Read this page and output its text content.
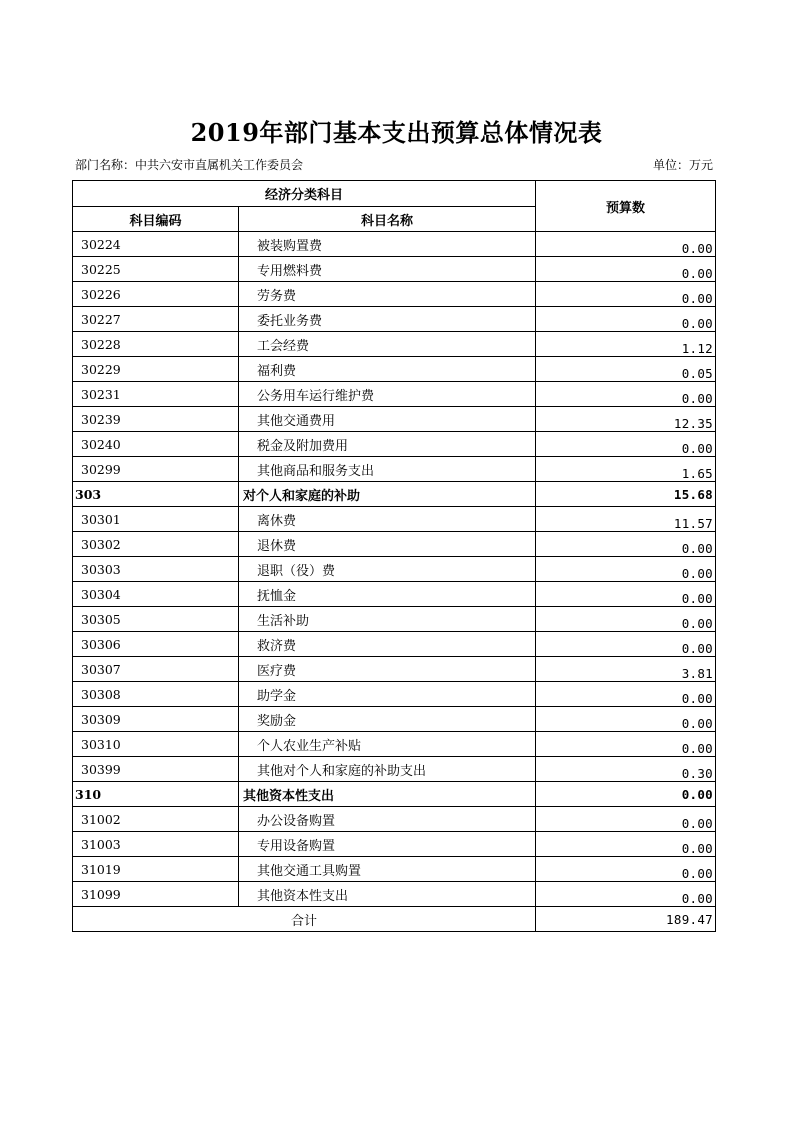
2019年部门基本支出预算总体情况表
部门名称：中共六安市直属机关工作委员会	单位：万元
经济分类科目		预算数
科目编码	科目名称	
30224	被装购置费	0.00
30225	专用燃料费	0.00
30226	劳务费	0.00
30227	委托业务费	0.00
30228	工会经费	1.12
30229	福利费	0.05
30231	公务用车运行维护费	0.00
30239	其他交通费用	12.35
30240	税金及附加费用	0.00
30299	其他商品和服务支出	1.65
303	对个人和家庭的补助	15.68
30301	离休费	11.57
30302	退休费	0.00
30303	退职（役）费	0.00
30304	抚恤金	0.00
30305	生活补助	0.00
30306	救济费	0.00
30307	医疗费	3.81
30308	助学金	0.00
30309	奖励金	0.00
30310	个人农业生产补贴	0.00
30399	其他对个人和家庭的补助支出	0.30
310	其他资本性支出	0.00
31002	办公设备购置	0.00
31003	专用设备购置	0.00
31019	其他交通工具购置	0.00
31099	其他资本性支出	0.00
合计		189.47
